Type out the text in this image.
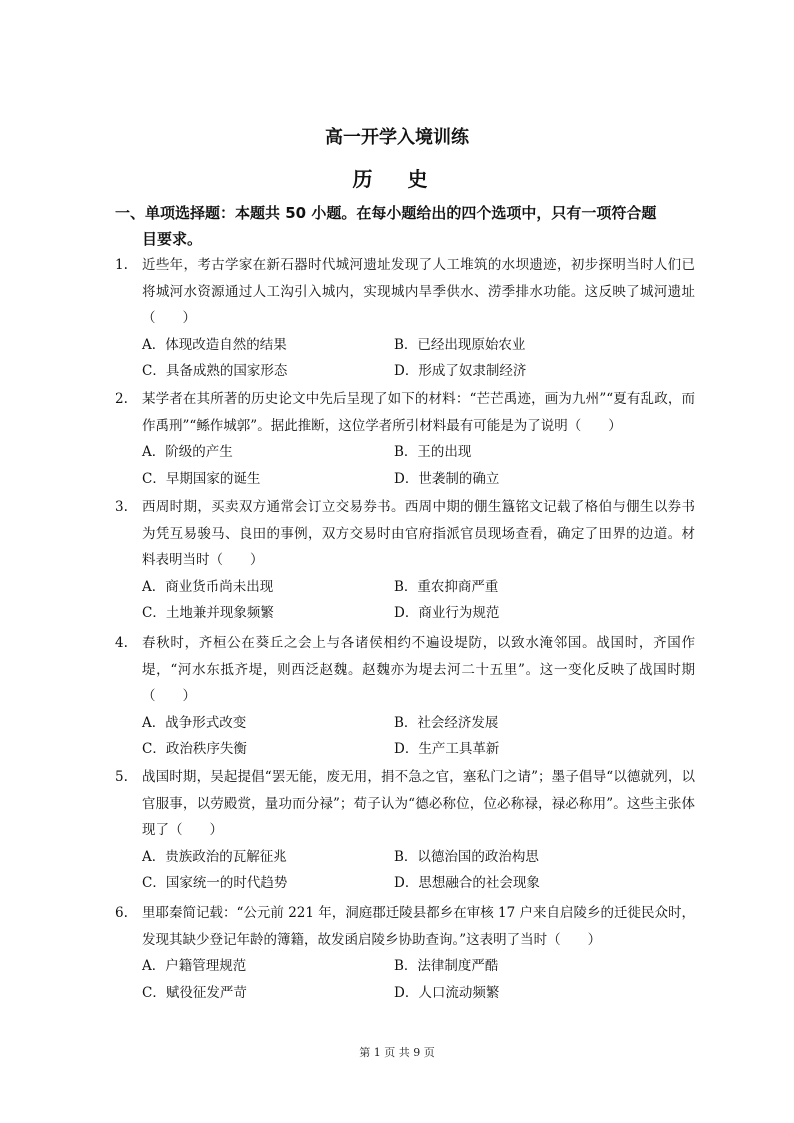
高一开学入境训练
历 史
一、单项选择题：本题共 50 小题。在每小题给出的四个选项中，只有一项符合题
目要求。
1. 近些年，考古学家在新石器时代城河遗址发现了人工堆筑的水坝遗迹，初步探明当时人们已将城河水资源通过人工沟引入城内，实现城内旱季供水、涝季排水功能。这反映了城河遗址（　　）
A．体现改造自然的结果	B．已经出现原始农业
C．具备成熟的国家形态	D．形成了奴隶制经济
2. 某学者在其所著的历史论文中先后呈现了如下的材料：“芒芒禹迹，画为九州”“夏有乱政，而作禹刑”“鲧作城郭”。据此推断，这位学者所引材料最有可能是为了说明（　　）
A．阶级的产生	B．王的出现
C．早期国家的诞生	D．世袭制的确立
3. 西周时期，买卖双方通常会订立交易券书。西周中期的倗生簋铭文记载了格伯与倗生以券书为凭互易骏马、良田的事例，双方交易时由官府指派官员现场查看，确定了田界的边道。材料表明当时（　　）
A．商业货币尚未出现	B．重农抑商严重
C．土地兼并现象频繁	D．商业行为规范
4. 春秋时，齐桓公在葵丘之会上与各诸侯相约不遍设堤防，以致水淹邻国。战国时，齐国作堤，“河水东抵齐堤，则西泛赵魏。赵魏亦为堤去河二十五里”。这一变化反映了战国时期（　　）
A．战争形式改变	B．社会经济发展
C．政治秩序失衡	D．生产工具革新
5. 战国时期，吴起提倡“罢无能，废无用，捐不急之官，塞私门之请”；墨子倡导“以德就列，以官服事，以劳殿赏，量功而分禄”；荀子认为“德必称位，位必称禄，禄必称用”。这些主张体现了（　　）
A．贵族政治的瓦解征兆	B．以德治国的政治构思
C．国家统一的时代趋势	D．思想融合的社会现象
6. 里耶秦简记载：“公元前 221 年，洞庭郡迁陵县都乡在审核 17 户来自启陵乡的迁徙民众时，发现其缺少登记年龄的簿籍，故发函启陵乡协助查询。”这表明了当时（　　）
A．户籍管理规范	B．法律制度严酷
C．赋役征发严苛	D．人口流动频繁
第 1 页 共 9 页
